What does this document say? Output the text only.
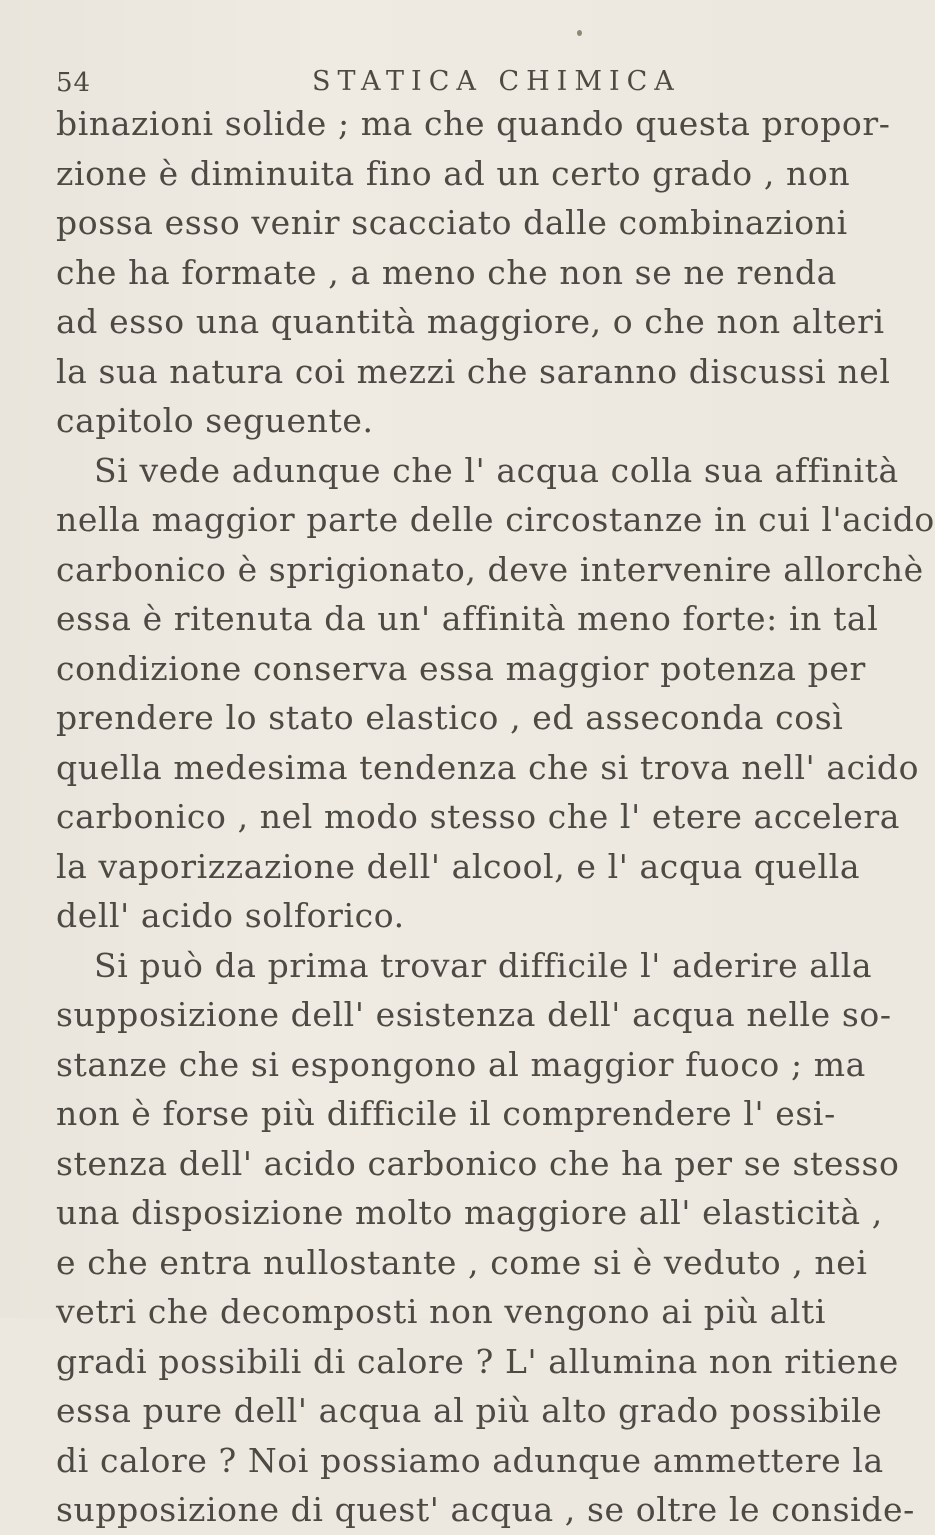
54	STATICA CHIMICA
binazioni solide ; ma che quando questa propor-
zione è diminuita fino ad un certo grado , non
possa esso venir scacciato dalle combinazioni
che ha formate , a meno che non se ne renda
ad esso una quantità maggiore, o che non alteri
la sua natura coi mezzi che saranno discussi nel
capitolo seguente.
Si vede adunque che l' acqua colla sua affinità
nella maggior parte delle circostanze in cui l'acido
carbonico è sprigionato, deve intervenire allorchè
essa è ritenuta da un' affinità meno forte: in tal
condizione conserva essa maggior potenza per
prendere lo stato elastico , ed asseconda così
quella medesima tendenza che si trova nell' acido
carbonico , nel modo stesso che l' etere accelera
la vaporizzazione dell' alcool, e l' acqua quella
dell' acido solforico.
Si può da prima trovar difficile l' aderire alla
supposizione dell' esistenza dell' acqua nelle so-
stanze che si espongono al maggior fuoco ; ma
non è forse più difficile il comprendere l' esi-
stenza dell' acido carbonico che ha per se stesso
una disposizione molto maggiore all' elasticità ,
e che entra nullostante , come si è veduto , nei
vetri che decomposti non vengono ai più alti
gradi possibili di calore ? L' allumina non ritiene
essa pure dell' acqua al più alto grado possibile
di calore ? Noi possiamo adunque ammettere la
supposizione di quest' acqua , se oltre le conside-
